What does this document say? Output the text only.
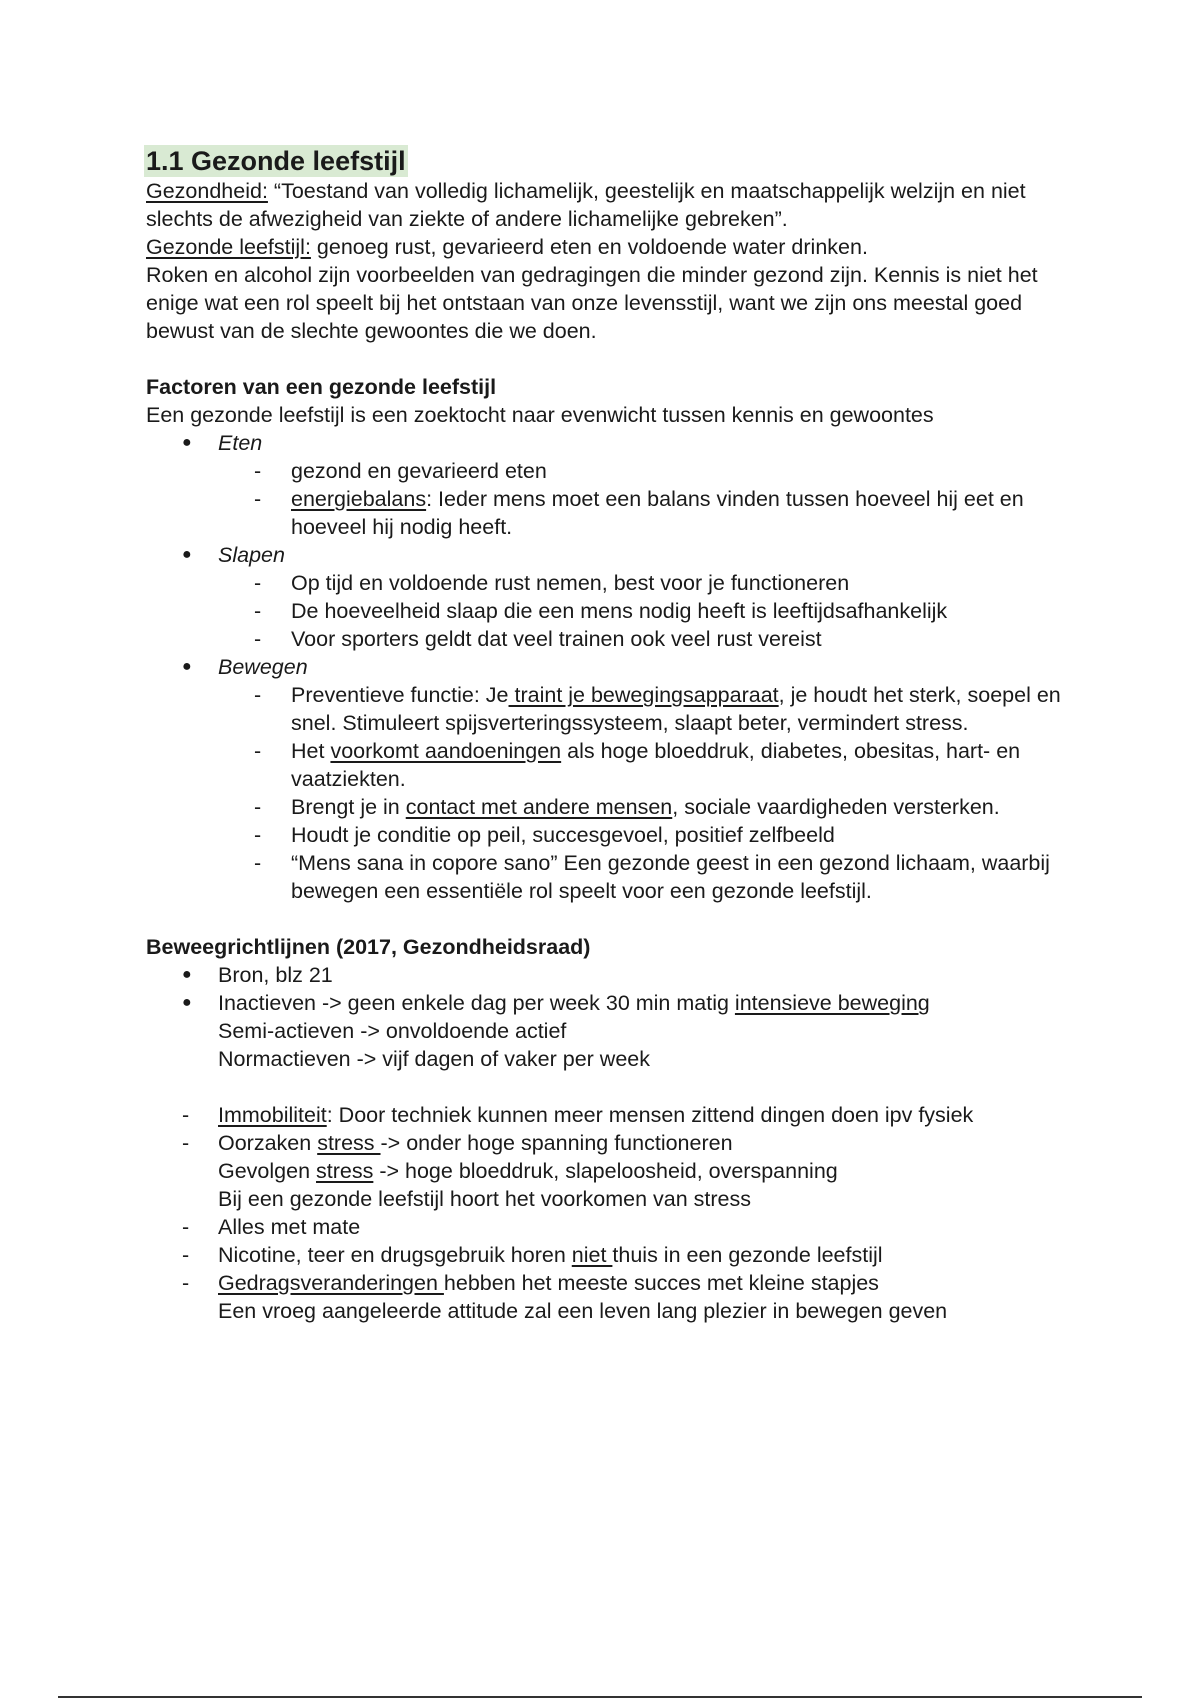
1.1 Gezonde leefstijl
Gezondheid: “Toestand van volledig lichamelijk, geestelijk en maatschappelijk welzijn en niet slechts de afwezigheid van ziekte of andere lichamelijke gebreken”.
Gezonde leefstijl: genoeg rust, gevarieerd eten en voldoende water drinken.
Roken en alcohol zijn voorbeelden van gedragingen die minder gezond zijn. Kennis is niet het enige wat een rol speelt bij het ontstaan van onze levensstijl, want we zijn ons meestal goed bewust van de slechte gewoontes die we doen.
Factoren van een gezonde leefstijl
Een gezonde leefstijl is een zoektocht naar evenwicht tussen kennis en gewoontes
● Eten
- gezond en gevarieerd eten
- energiebalans: Ieder mens moet een balans vinden tussen hoeveel hij eet en hoeveel hij nodig heeft.
● Slapen
- Op tijd en voldoende rust nemen, best voor je functioneren
- De hoeveelheid slaap die een mens nodig heeft is leeftijdsafhankelijk
- Voor sporters geldt dat veel trainen ook veel rust vereist
● Bewegen
- Preventieve functie: Je traint je bewegingsapparaat, je houdt het sterk, soepel en snel. Stimuleert spijsverteringssysteem, slaapt beter, vermindert stress.
- Het voorkomt aandoeningen als hoge bloeddruk, diabetes, obesitas, hart- en vaatziekten.
- Brengt je in contact met andere mensen, sociale vaardigheden versterken.
- Houdt je conditie op peil, succesgevoel, positief zelfbeeld
- “Mens sana in copore sano” Een gezonde geest in een gezond lichaam, waarbij bewegen een essentiële rol speelt voor een gezonde leefstijl.
Beweegrichtlijnen (2017, Gezondheidsraad)
● Bron, blz 21
● Inactieven -> geen enkele dag per week 30 min matig intensieve beweging
Semi-actieven -> onvoldoende actief
Normactieven -> vijf dagen of vaker per week
- Immobiliteit: Door techniek kunnen meer mensen zittend dingen doen ipv fysiek
- Oorzaken stress -> onder hoge spanning functioneren
Gevolgen stress -> hoge bloeddruk, slapeloosheid, overspanning
Bij een gezonde leefstijl hoort het voorkomen van stress
- Alles met mate
- Nicotine, teer en drugsgebruik horen niet thuis in een gezonde leefstijl
- Gedragsveranderingen hebben het meeste succes met kleine stapjes
Een vroeg aangeleerde attitude zal een leven lang plezier in bewegen geven
